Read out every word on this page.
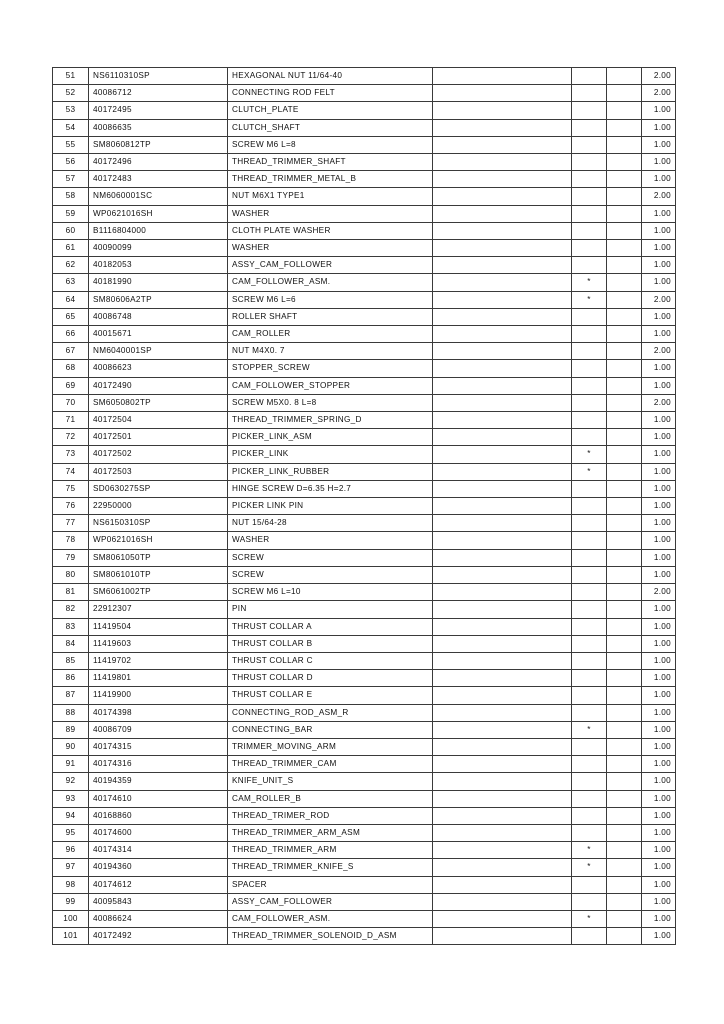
51	NS6110310SP	HEXAGONAL NUT 11/64-40				2.00
52	40086712	CONNECTING ROD FELT				2.00
53	40172495	CLUTCH_PLATE				1.00
54	40086635	CLUTCH_SHAFT				1.00
55	SM8060812TP	SCREW M6 L=8				1.00
56	40172496	THREAD_TRIMMER_SHAFT				1.00
57	40172483	THREAD_TRIMMER_METAL_B				1.00
58	NM6060001SC	NUT M6X1 TYPE1				2.00
59	WP0621016SH	WASHER				1.00
60	B1116804000	CLOTH PLATE WASHER				1.00
61	40090099	WASHER				1.00
62	40182053	ASSY_CAM_FOLLOWER				1.00
63	40181990	CAM_FOLLOWER_ASM.		*		1.00
64	SM80606A2TP	SCREW M6 L=6		*		2.00
65	40086748	ROLLER SHAFT				1.00
66	40015671	CAM_ROLLER				1.00
67	NM6040001SP	NUT M4X0. 7				2.00
68	40086623	STOPPER_SCREW				1.00
69	40172490	CAM_FOLLOWER_STOPPER				1.00
70	SM6050802TP	SCREW M5X0. 8 L=8				2.00
71	40172504	THREAD_TRIMMER_SPRING_D				1.00
72	40172501	PICKER_LINK_ASM				1.00
73	40172502	PICKER_LINK		*		1.00
74	40172503	PICKER_LINK_RUBBER		*		1.00
75	SD0630275SP	HINGE SCREW D=6.35 H=2.7				1.00
76	22950000	PICKER LINK PIN				1.00
77	NS6150310SP	NUT 15/64-28				1.00
78	WP0621016SH	WASHER				1.00
79	SM8061050TP	SCREW				1.00
80	SM8061010TP	SCREW				1.00
81	SM6061002TP	SCREW M6 L=10				2.00
82	22912307	PIN				1.00
83	11419504	THRUST COLLAR A				1.00
84	11419603	THRUST COLLAR B				1.00
85	11419702	THRUST COLLAR C				1.00
86	11419801	THRUST COLLAR D				1.00
87	11419900	THRUST COLLAR E				1.00
88	40174398	CONNECTING_ROD_ASM_R				1.00
89	40086709	CONNECTING_BAR		*		1.00
90	40174315	TRIMMER_MOVING_ARM				1.00
91	40174316	THREAD_TRIMMER_CAM				1.00
92	40194359	KNIFE_UNIT_S				1.00
93	40174610	CAM_ROLLER_B				1.00
94	40168860	THREAD_TRIMER_ROD				1.00
95	40174600	THREAD_TRIMMER_ARM_ASM				1.00
96	40174314	THREAD_TRIMMER_ARM		*		1.00
97	40194360	THREAD_TRIMMER_KNIFE_S		*		1.00
98	40174612	SPACER				1.00
99	40095843	ASSY_CAM_FOLLOWER				1.00
100	40086624	CAM_FOLLOWER_ASM.		*		1.00
101	40172492	THREAD_TRIMMER_SOLENOID_D_ASM				1.00
